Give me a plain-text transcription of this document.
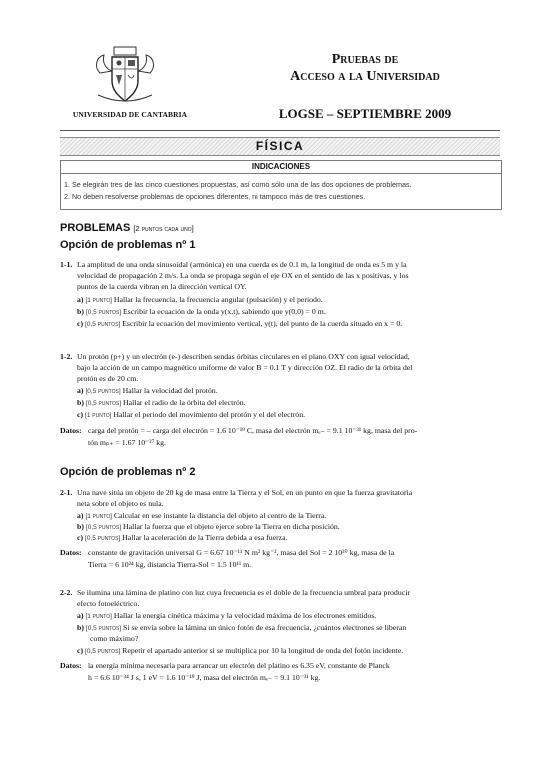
UNIVERSIDAD DE CANTABRIA
Pruebas de
Acceso a la Universidad
LOGSE – SEPTIEMBRE 2009
FÍSICA
INDICACIONES
1. Se elegirán tres de las cinco cuestiones propuestas, así como sólo una de las dos opciones de problemas.
2. No deben resolverse problemas de opciones diferentes, ni tampoco más de tres cuestiones.
PROBLEMAS [2 puntos cada uno]
Opción de problemas nº 1
1-1. La amplitud de una onda sinusoidal (armónica) en una cuerda es de 0.1 m, la longitud de onda es 5 m y la
velocidad de propagación 2 m/s. La onda se propaga según el eje OX en el sentido de las x positivas, y los
puntos de la cuerda vibran en la dirección vertical OY.
a) [1 punto] Hallar la frecuencia, la frecuencia angular (pulsación) y el periodo.
b) [0,5 puntos] Escribir la ecuación de la onda y(x,t), sabiendo que y(0,0) = 0 m.
c) [0,5 puntos] Escribir la ecuación del movimiento vertical, y(t), del punto de la cuerda situado en x = 0.
1-2. Un protón (p+) y un electrón (e-) describen sendas órbitas circulares en el plano OXY con igual velocidad,
bajo la acción de un campo magnético uniforme de valor B = 0.1 T y dirección OZ. El radio de la órbita del
protón es de 20 cm.
a) [0,5 puntos] Hallar la velocidad del protón.
b) [0,5 puntos] Hallar el radio de la órbita del electrón.
c) [1 punto] Hallar el periodo del movimiento del protón y el del electrón.
Datos: carga del protón = – carga del electrón = 1.6 10⁻¹⁹ C, masa del electrón mₑ₋ = 9.1 10⁻³¹ kg, masa del pro-
tón mₚ₊ = 1.67 10⁻²⁷ kg.
Opción de problemas nº 2
2-1. Una nave sitúa un objeto de 20 kg de masa entre la Tierra y el Sol, en un punto en que la fuerza gravitatoria
neta sobre el objeto es nula.
a) [1 punto] Calcular en ese instante la distancia del objeto al centro de la Tierra.
b) [0,5 puntos] Hallar la fuerza que el objeto ejerce sobre la Tierra en dicha posición.
c) [0,5 puntos] Hallar la aceleración de la Tierra debida a esa fuerza.
Datos: constante de gravitación universal G = 6.67 10⁻¹¹ N m² kg⁻², masa del Sol = 2 10³⁰ kg, masa de la
Tierra = 6 10²⁴ kg, distancia Tierra-Sol = 1.5 10¹¹ m.
2-2. Se ilumina una lámina de platino con luz cuya frecuencia es el doble de la frecuencia umbral para producir
efecto fotoeléctrico.
a) [1 punto] Hallar la energía cinética máxima y la velocidad máxima de los electrones emitidos.
b) [0,5 puntos] Si se envía sobre la lámina un único fotón de esa frecuencia, ¿cuántos electrones se liberan
como máximo?
c) [0,5 puntos] Repetir el apartado anterior si se multiplica por 10 la longitud de onda del fotón incidente.
Datos: la energía mínima necesaria para arrancar un electrón del platino es 6.35 eV, constante de Planck
h = 6.6 10⁻³⁴ J s, 1 eV = 1.6 10⁻¹⁹ J, masa del electrón mₑ₋ = 9.1 10⁻³¹ kg.
